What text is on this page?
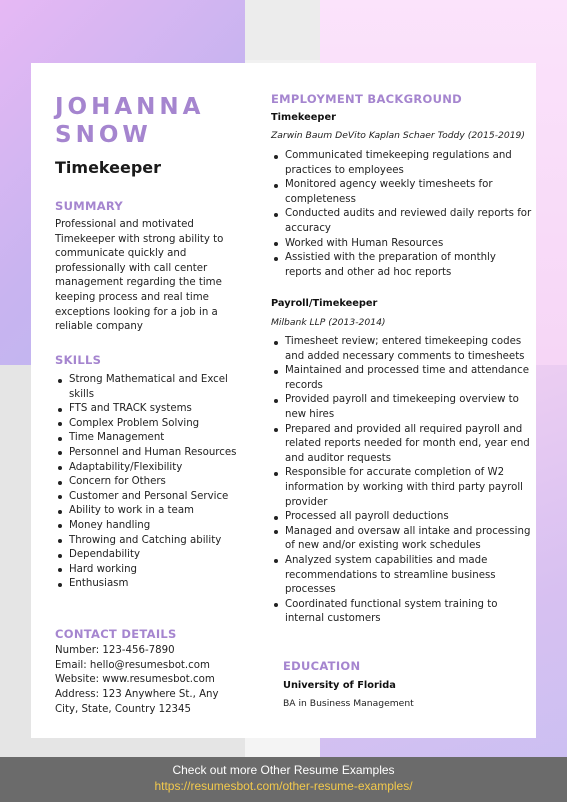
JOHANNA
SNOW
Timekeeper
SUMMARY
Professional and motivated Timekeeper with strong ability to communicate quickly and professionally with call center management regarding the time keeping process and real time exceptions looking for a job in a reliable company
SKILLS
Strong Mathematical and Excel skills
FTS and TRACK systems
Complex Problem Solving
Time Management
Personnel and Human Resources
Adaptability/Flexibility
Concern for Others
Customer and Personal Service
Ability to work in a team
Money handling
Throwing and Catching ability
Dependability
Hard working
Enthusiasm
CONTACT DETAILS
Number: 123-456-7890
Email: hello@resumesbot.com
Website: www.resumesbot.com
Address: 123 Anywhere St., Any City, State, Country 12345
EMPLOYMENT BACKGROUND
Timekeeper
Zarwin Baum DeVito Kaplan Schaer Toddy (2015-2019)
Communicated timekeeping regulations and practices to employees
Monitored agency weekly timesheets for completeness
Conducted audits and reviewed daily reports for accuracy
Worked with Human Resources
Assistied with the preparation of monthly reports and other ad hoc reports
Payroll/Timekeeper
Milbank LLP (2013-2014)
Timesheet review; entered timekeeping codes and added necessary comments to timesheets
Maintained and processed time and attendance records
Provided payroll and timekeeping overview to new hires
Prepared and provided all required payroll and related reports needed for month end, year end and auditor requests
Responsible for accurate completion of W2 information by working with third party payroll provider
Processed all payroll deductions
Managed and oversaw all intake and processing of new and/or existing work schedules
Analyzed system capabilities and made recommendations to streamline business processes
Coordinated functional system training to internal customers
EDUCATION
University of Florida
BA in Business Management
Check out more Other Resume Examples
https://resumesbot.com/other-resume-examples/
